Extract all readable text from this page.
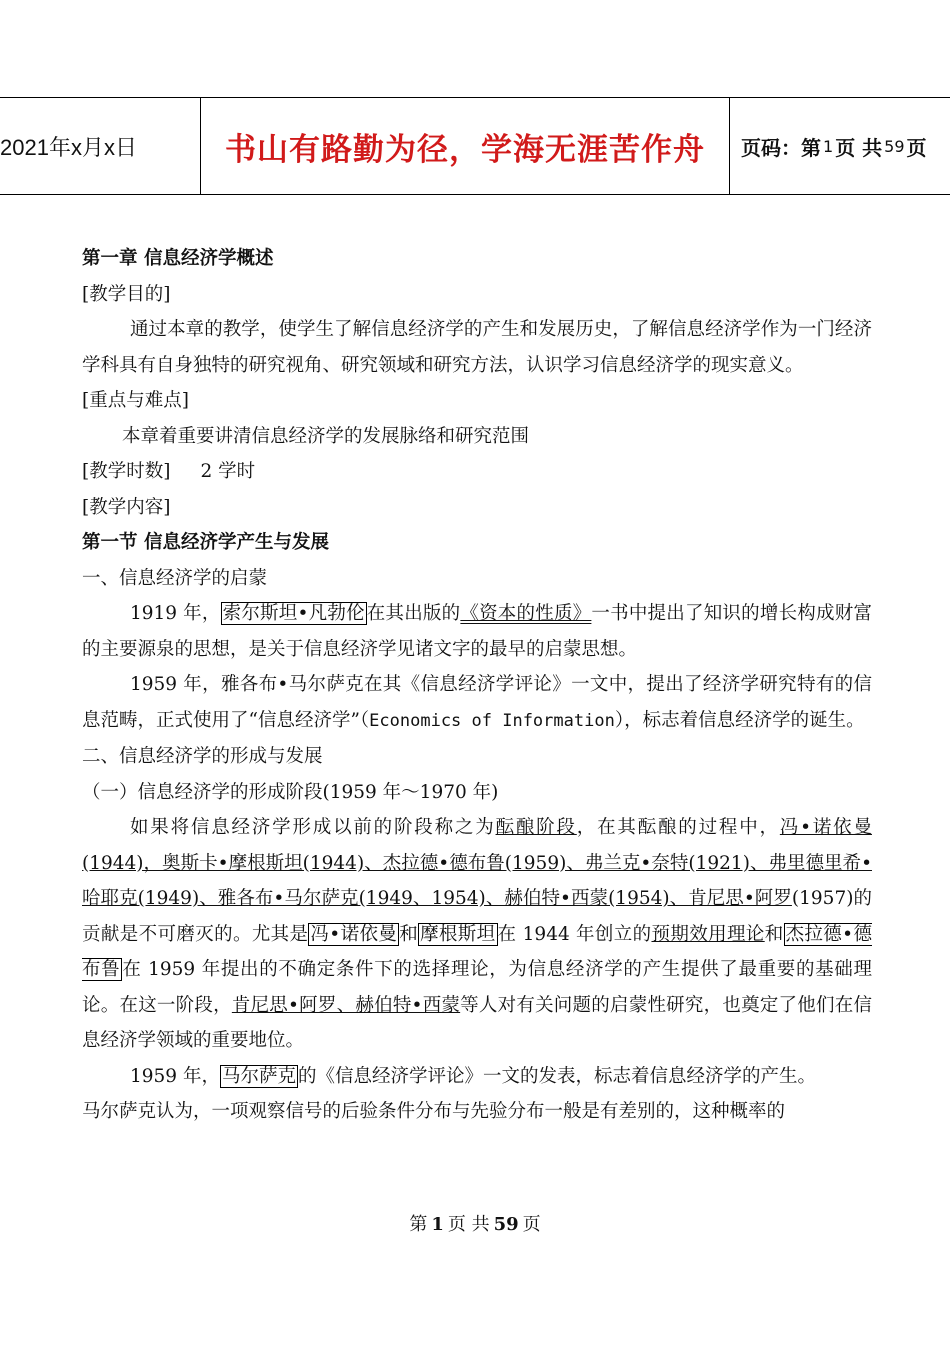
2021年x月x日	书山有路勤为径，学海无涯苦作舟	页码：第 1 页 共 59 页

第一章 信息经济学概述

[教学目的]

通过本章的教学，使学生了解信息经济学的产生和发展历史，了解信息经济学作为一门经济学科具有自身独特的研究视角、研究领域和研究方法，认识学习信息经济学的现实意义。

[重点与难点]

本章着重要讲清信息经济学的发展脉络和研究范围

[教学时数] 2 学时

[教学内容]

第一节 信息经济学产生与发展

一、信息经济学的启蒙

1919 年， 索尔斯坦•凡勃伦 在其出版的《资本的性质》一书中提出了知识的增长构成财富的主要源泉的思想，是关于信息经济学见诸文字的最早的启蒙思想。

1959 年，雅各布•马尔萨克在其《信息经济学评论》一文中，提出了经济学研究特有的信息范畴，正式使用了“信息经济学”（Economics of Information），标志着信息经济学的诞生。

二、信息经济学的形成与发展

（一）信息经济学的形成阶段(1959 年～1970 年)

如果将信息经济学形成以前的阶段称之为酝酿阶段，在其酝酿的过程中，冯•诺依曼(1944)，奥斯卡•摩根斯坦(1944)、杰拉德•德布鲁(1959)、弗兰克•奈特(1921)、弗里德里希•哈耶克(1949)、雅各布•马尔萨克(1949、1954)、赫伯特•西蒙(1954)、肯尼思•阿罗(1957)的贡献是不可磨灭的。尤其是 冯•诺依曼 和 摩根斯坦 在 1944 年创立的预期效用理论和 杰拉德•德布鲁 在 1959 年提出的不确定条件下的选择理论，为信息经济学的产生提供了最重要的基础理论。在这一阶段，肯尼思•阿罗、赫伯特•西蒙等人对有关问题的启蒙性研究，也奠定了他们在信息经济学领域的重要地位。

1959 年， 马尔萨克 的《信息经济学评论》一文的发表，标志着信息经济学的产生。

马尔萨克认为，一项观察信号的后验条件分布与先验分布一般是有差别的，这种概率的

第 1 页 共 59 页
